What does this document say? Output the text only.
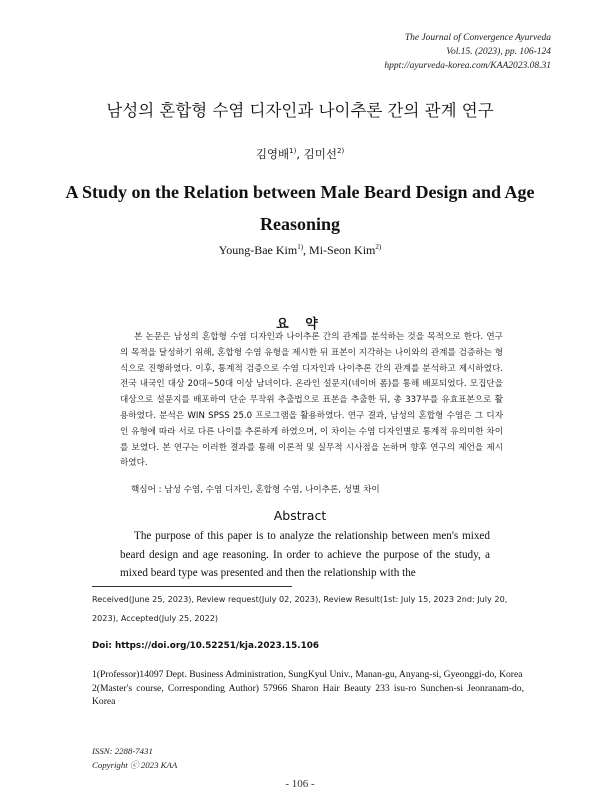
The Journal of Convergence Ayurveda
Vol.15. (2023), pp. 106-124
hppt://ayurveda-korea.com/KAA2023.08.31
남성의 혼합형 수염 디자인과 나이추론 간의 관계 연구
김영배$^{1)}$, 김미선$^{2)}$
A Study on the Relation between Male Beard Design and Age Reasoning
Young-Bae Kim$^{1)}$, Mi-Seon Kim$^{2)}$
요 약

본 논문은 남성의 혼합형 수염 디자인과 나이추론 간의 관계를 분석하는 것을 목적으로 한다. 연구의 목적을 달성하기 위해, 혼합형 수염 유형을 제시한 뒤 표본이 지각하는 나이와의 관계를 검증하는 형식으로 진행하였다. 이후, 통계적 검증으로 수염 디자인과 나이추론 간의 관계를 분석하고 제시하였다. 전국 내국인 대상 20대~50대 이상 남녀이다. 온라인 설문지(네이버 폼)를 통해 배포되었다. 모집단을 대상으로 설문지를 배포하여 단순 무작위 추출법으로 표본을 추출한 뒤, 총 337부를 유효표본으로 활용하였다. 분석은 WIN SPSS 25.0 프로그램을 활용하였다. 연구 결과, 남성의 혼합형 수염은 그 디자인 유형에 따라 서로 다른 나이를 추론하게 하였으며, 이 차이는 수염 디자인별로 통계적 유의미한 차이를 보였다. 본 연구는 이러한 결과를 통해 이론적 및 실무적 시사점을 논하며 향후 연구의 제언을 제시하였다.

핵심어 : 남성 수염, 수염 디자인, 혼합형 수염, 나이추론, 성별 차이
Abstract

The purpose of this paper is to analyze the relationship between men's mixed beard design and age reasoning. In order to achieve the purpose of the study, a mixed beard type was presented and then the relationship with the

Received(June 25, 2023), Review request(July 02, 2023), Review Result(1st: July 15, 2023 2nd: July 20, 2023), Accepted(July 25, 2022)
Doi: https://doi.org/10.52251/kja.2023.15.106
1(Professor)14097 Dept. Business Administration, SungKyul Univ., Manan-gu, Anyang-si, Gyeonggi-do, Korea
2(Master's course, Corresponding Author) 57966 Sharon Hair Beauty 233 isu-ro Sunchen-si Jeonranam-do, Korea
ISSN: 2288-7431
Copyright ⓒ 2023 KAA
- 106 -
